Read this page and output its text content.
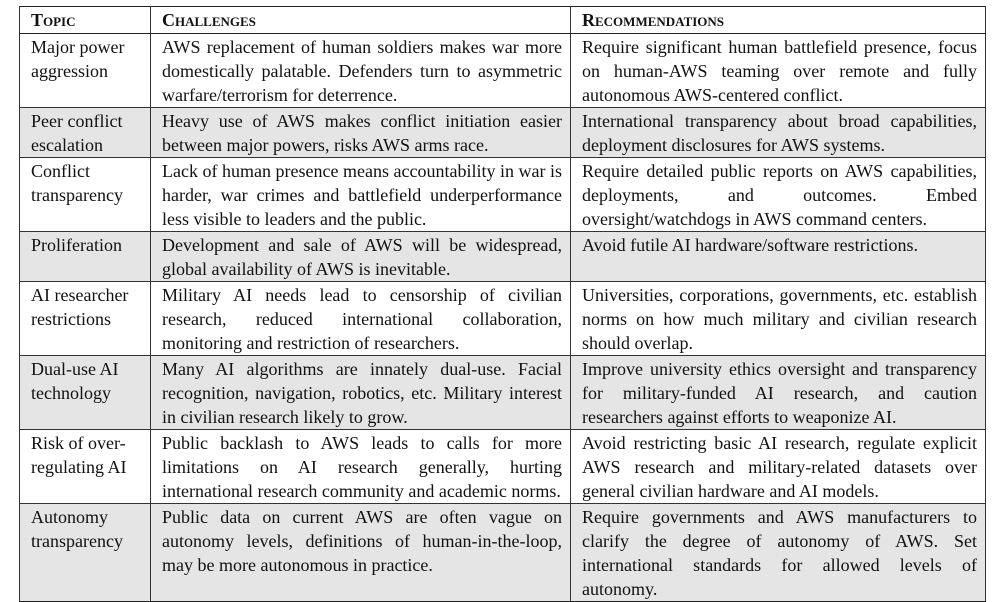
Topic	Challenges	Recommendations
Major power aggression	AWS replacement of human soldiers makes war more domestically palatable. Defenders turn to asymmetric warfare/terrorism for deterrence.	Require significant human battlefield presence, focus on human-AWS teaming over remote and fully autonomous AWS-centered conflict.
Peer conflict escalation	Heavy use of AWS makes conflict initiation easier between major powers, risks AWS arms race.	International transparency about broad capabilities, deployment disclosures for AWS systems.
Conflict transparency	Lack of human presence means accountability in war is harder, war crimes and battlefield underperformance less visible to leaders and the public.	Require detailed public reports on AWS capabilities, deployments, and outcomes. Embed oversight/watchdogs in AWS command centers.
Proliferation	Development and sale of AWS will be widespread, global availability of AWS is inevitable.	Avoid futile AI hardware/software restrictions.
AI researcher restrictions	Military AI needs lead to censorship of civilian research, reduced international collaboration, monitoring and restriction of researchers.	Universities, corporations, governments, etc. establish norms on how much military and civilian research should overlap.
Dual-use AI technology	Many AI algorithms are innately dual-use. Facial recognition, navigation, robotics, etc. Military interest in civilian research likely to grow.	Improve university ethics oversight and transparency for military-funded AI research, and caution researchers against efforts to weaponize AI.
Risk of over-regulating AI	Public backlash to AWS leads to calls for more limitations on AI research generally, hurting international research community and academic norms.	Avoid restricting basic AI research, regulate explicit AWS research and military-related datasets over general civilian hardware and AI models.
Autonomy transparency	Public data on current AWS are often vague on autonomy levels, definitions of human-in-the-loop, may be more autonomous in practice.	Require governments and AWS manufacturers to clarify the degree of autonomy of AWS. Set international standards for allowed levels of autonomy.
